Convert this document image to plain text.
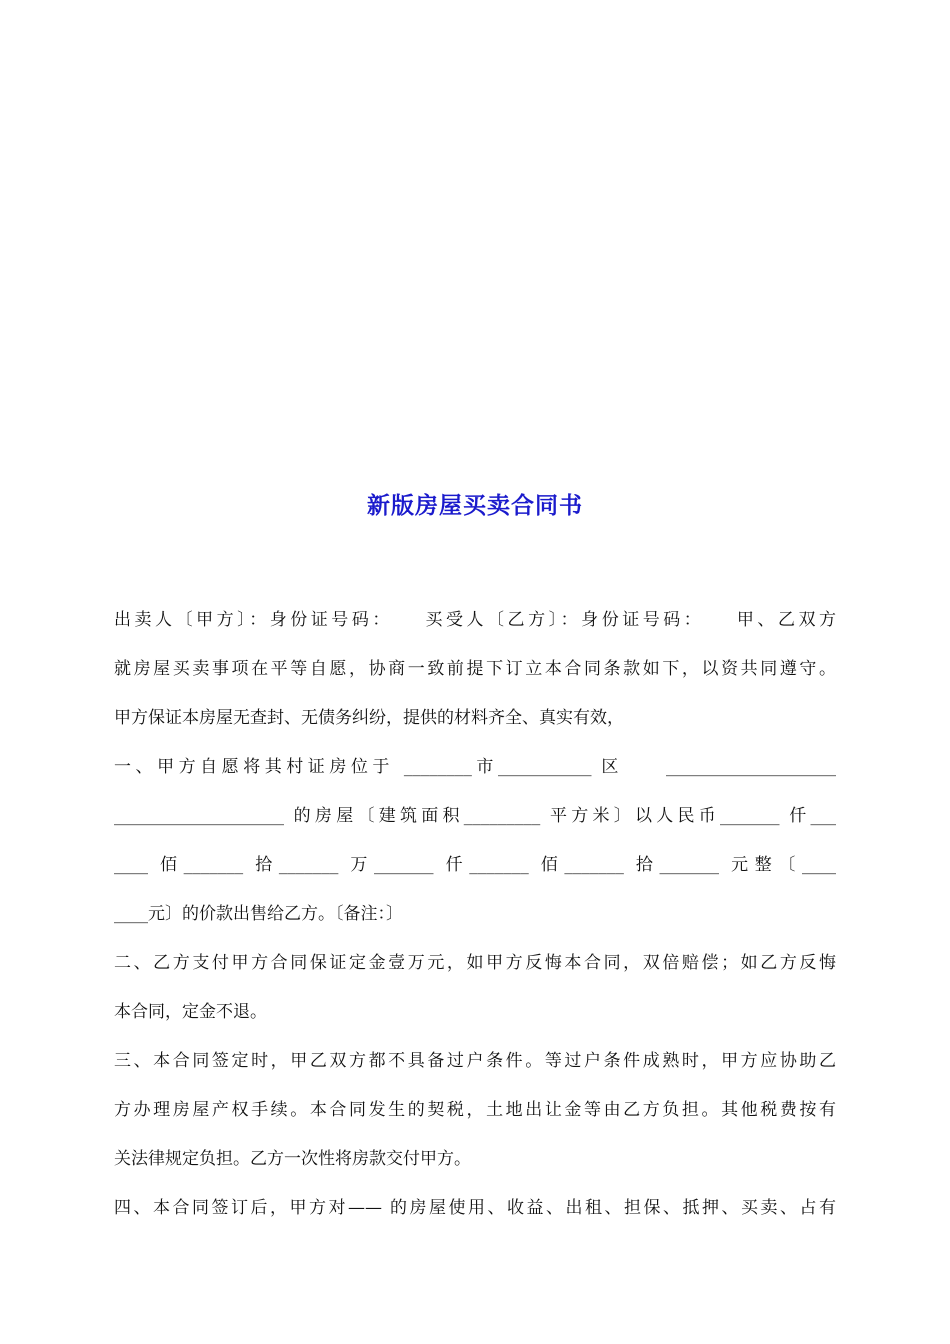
新版房屋买卖合同书
出卖人〔甲方〕：身份证号码：　　买受人〔乙方〕：身份证号码：　　甲、乙双方
就房屋买卖事项在平等自愿，协商一致前提下订立本合同条款如下，以资共同遵守。
甲方保证本房屋无查封、无债务纠纷，提供的材料齐全、真实有效，
一、甲方自愿将其村证房位于 ________市___________ 区　　____________________
____________________ 的房屋〔建筑面积_________ 平方米〕以人民币_______ 仟___
____ 佰_______ 拾_______ 万_______ 仟_______ 佰_______ 拾_______ 元整〔____
____元〕的价款出售给乙方。〔备注：〕
二、乙方支付甲方合同保证定金壹万元，如甲方反悔本合同，双倍赔偿；如乙方反悔
本合同，定金不退。
三、本合同签定时，甲乙双方都不具备过户条件。等过户条件成熟时，甲方应协助乙
方办理房屋产权手续。本合同发生的契税，土地出让金等由乙方负担。其他税费按有
关法律规定负担。乙方一次性将房款交付甲方。
四、本合同签订后，甲方对—— 的房屋使用、收益、出租、担保、抵押、买卖、占有
